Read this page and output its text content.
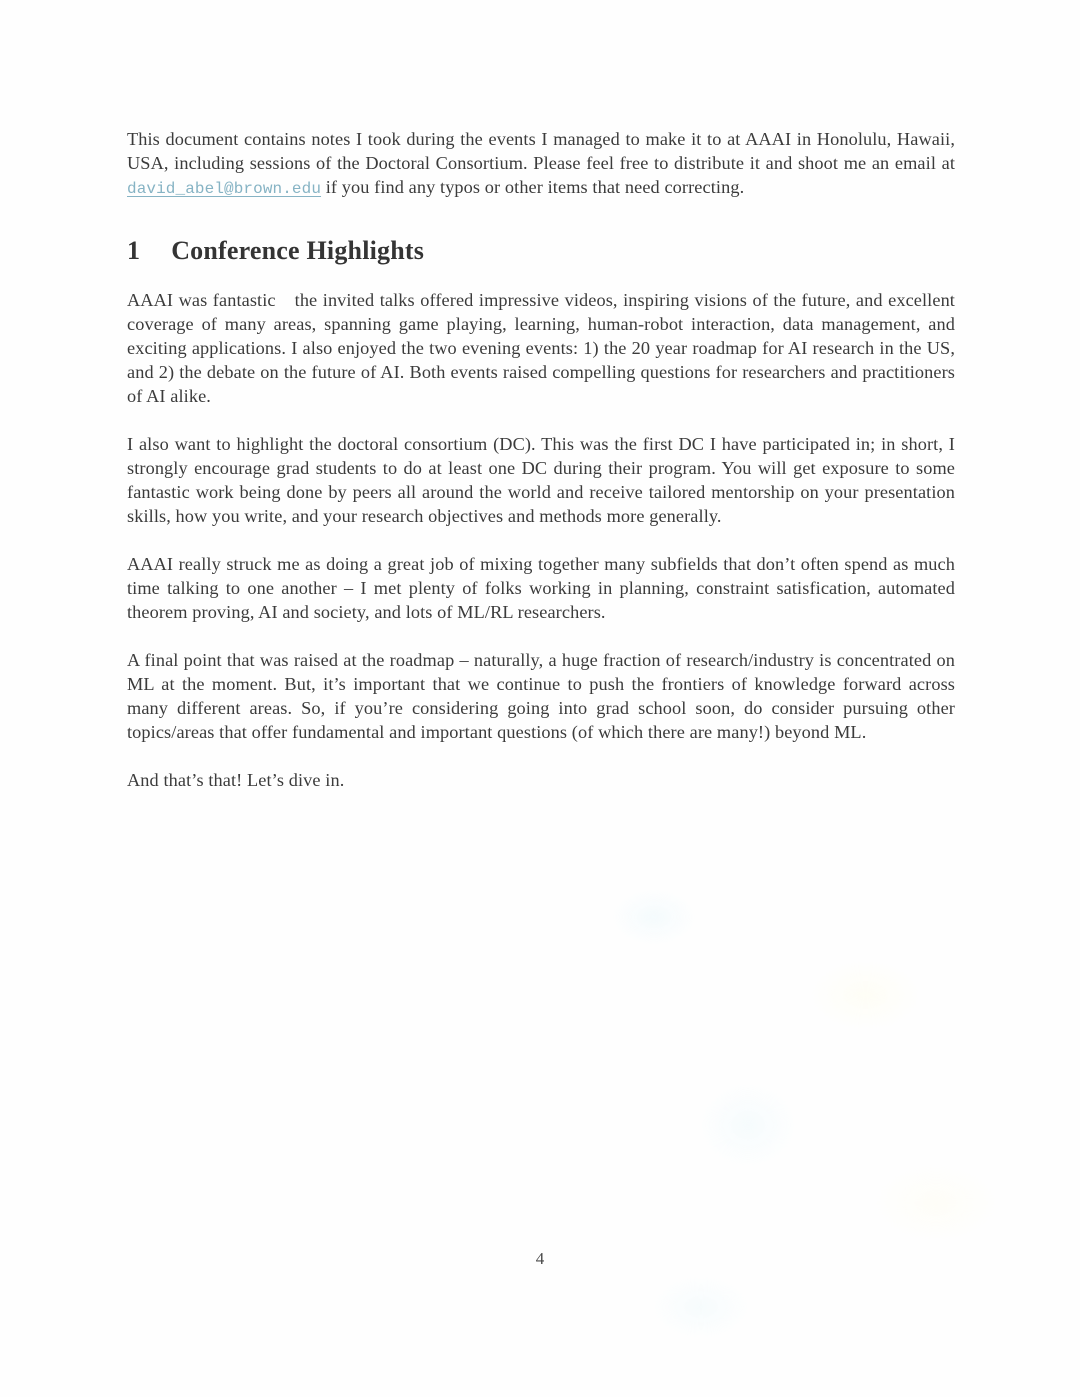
This document contains notes I took during the events I managed to make it to at AAAI in Honolulu, Hawaii, USA, including sessions of the Doctoral Consortium. Please feel free to distribute it and shoot me an email at david_abel@brown.edu if you find any typos or other items that need correcting.

1 Conference Highlights

AAAI was fantastic the invited talks offered impressive videos, inspiring visions of the future, and excellent coverage of many areas, spanning game playing, learning, human-robot interaction, data management, and exciting applications. I also enjoyed the two evening events: 1) the 20 year roadmap for AI research in the US, and 2) the debate on the future of AI. Both events raised compelling questions for researchers and practitioners of AI alike.

I also want to highlight the doctoral consortium (DC). This was the first DC I have participated in; in short, I strongly encourage grad students to do at least one DC during their program. You will get exposure to some fantastic work being done by peers all around the world and receive tailored mentorship on your presentation skills, how you write, and your research objectives and methods more generally.

AAAI really struck me as doing a great job of mixing together many subfields that don’t often spend as much time talking to one another – I met plenty of folks working in planning, constraint satisfication, automated theorem proving, AI and society, and lots of ML/RL researchers.

A final point that was raised at the roadmap – naturally, a huge fraction of research/industry is concentrated on ML at the moment. But, it’s important that we continue to push the frontiers of knowledge forward across many different areas. So, if you’re considering going into grad school soon, do consider pursuing other topics/areas that offer fundamental and important questions (of which there are many!) beyond ML.

And that’s that! Let’s dive in.

4
